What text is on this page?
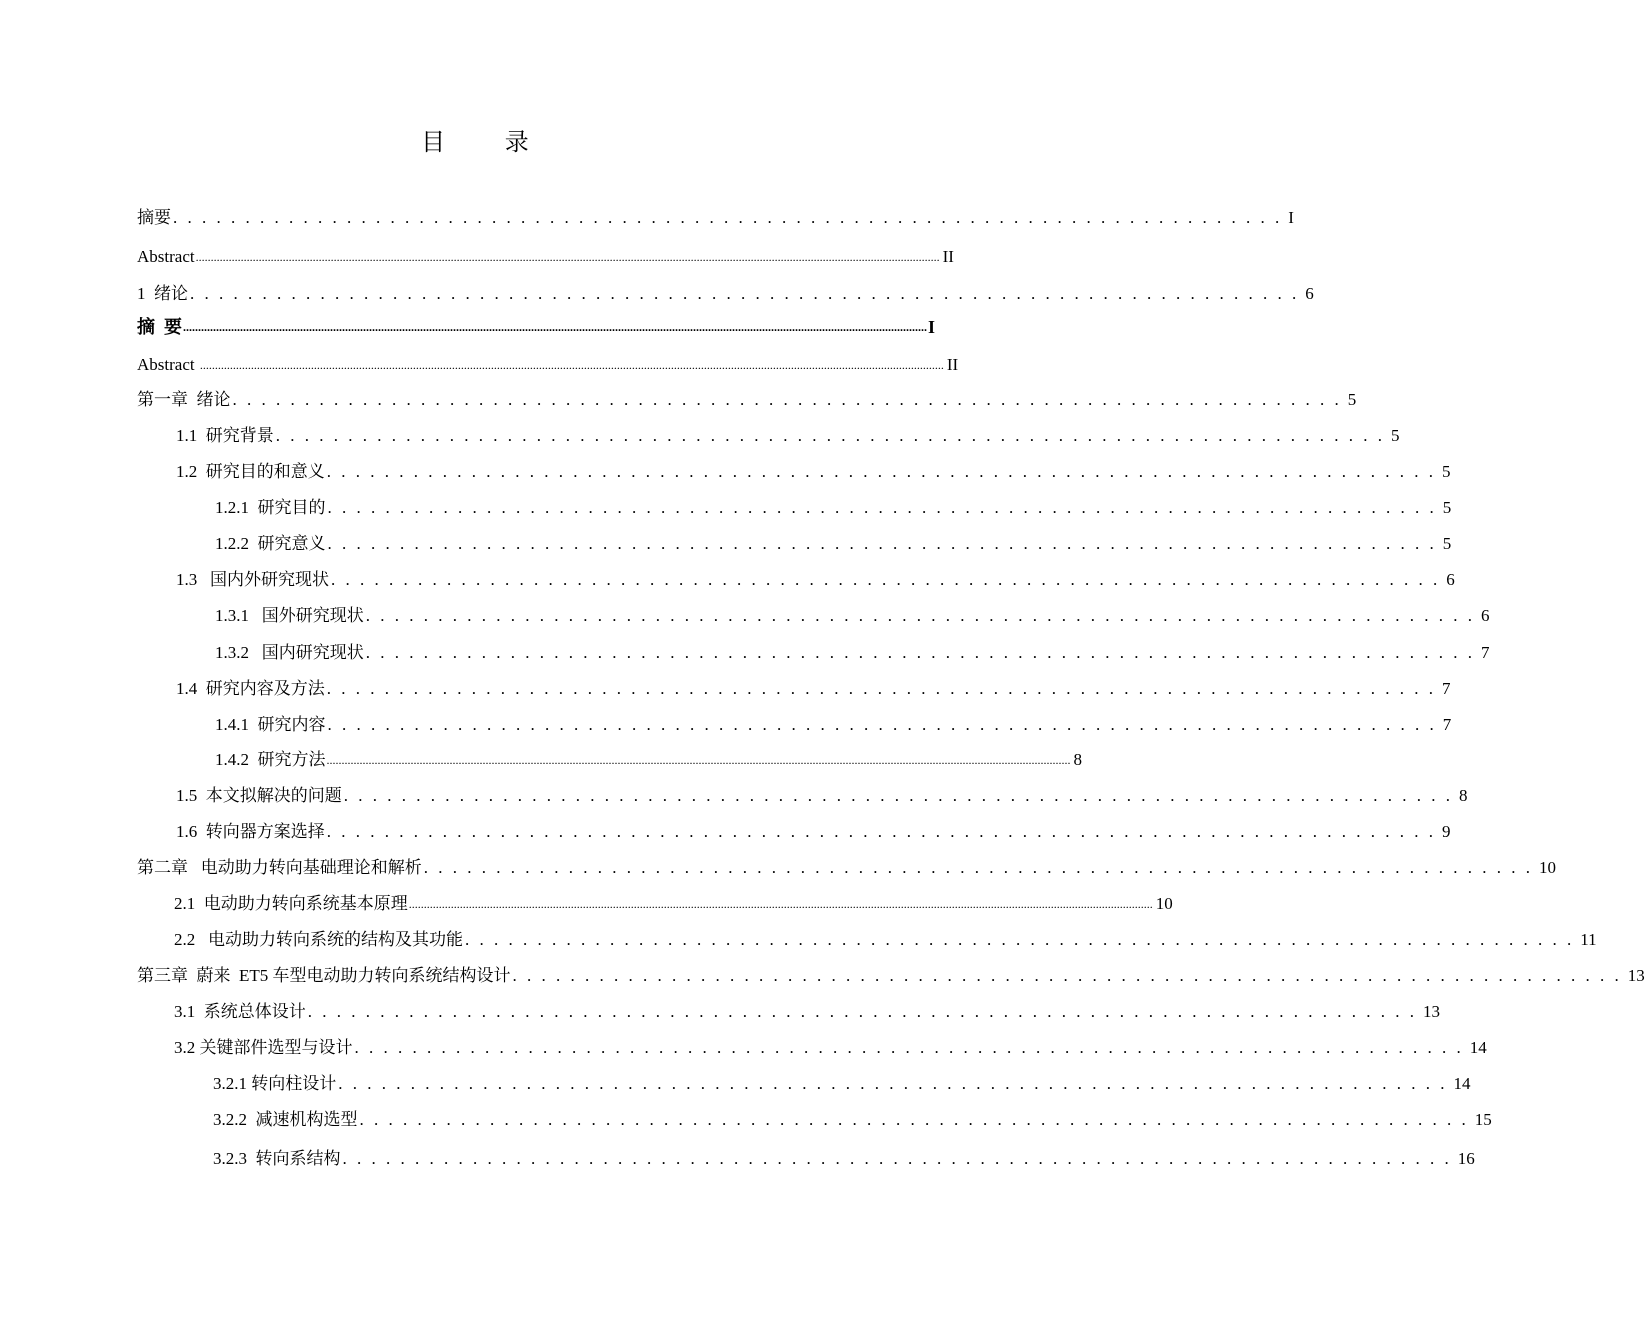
目 录
摘要 . . . . . . . . . . . . . . . . . . . . . . . . . . . . . . . . . . . . . . . . . . . . . . . . . . . . . . . . . . . . . . . . . . . . . . . . . . . . . I
Abstract ........................................................................................................................................................................................................................................................ II
1  绪论 . . . . . . . . . . . . . . . . . . . . . . . . . . . . . . . . . . . . . . . . . . . . . . . . . . . . . . . . . . . . . . . . . . . . . . . . . . . . . 6
摘  要 ........................................................................................................................................................................................................................................................ I
Abstract ........................................................................................................................................................................................................................................................ II
第一章  绪论 . . . . . . . . . . . . . . . . . . . . . . . . . . . . . . . . . . . . . . . . . . . . . . . . . . . . . . . . . . . . . . . . . . . . . . . . . . . . . 5
1.1  研究背景 . . . . . . . . . . . . . . . . . . . . . . . . . . . . . . . . . . . . . . . . . . . . . . . . . . . . . . . . . . . . . . . . . . . . . . . . . . . . . 5
1.2  研究目的和意义 . . . . . . . . . . . . . . . . . . . . . . . . . . . . . . . . . . . . . . . . . . . . . . . . . . . . . . . . . . . . . . . . . . . . . . . . . . . . . 5
1.2.1  研究目的 . . . . . . . . . . . . . . . . . . . . . . . . . . . . . . . . . . . . . . . . . . . . . . . . . . . . . . . . . . . . . . . . . . . . . . . . . . . . . 5
1.2.2  研究意义 . . . . . . . . . . . . . . . . . . . . . . . . . . . . . . . . . . . . . . . . . . . . . . . . . . . . . . . . . . . . . . . . . . . . . . . . . . . . . 5
1.3   国内外研究现状 . . . . . . . . . . . . . . . . . . . . . . . . . . . . . . . . . . . . . . . . . . . . . . . . . . . . . . . . . . . . . . . . . . . . . . . . . . . . . 6
1.3.1   国外研究现状 . . . . . . . . . . . . . . . . . . . . . . . . . . . . . . . . . . . . . . . . . . . . . . . . . . . . . . . . . . . . . . . . . . . . . . . . . . . . . 6
1.3.2   国内研究现状 . . . . . . . . . . . . . . . . . . . . . . . . . . . . . . . . . . . . . . . . . . . . . . . . . . . . . . . . . . . . . . . . . . . . . . . . . . . . . 7
1.4  研究内容及方法 . . . . . . . . . . . . . . . . . . . . . . . . . . . . . . . . . . . . . . . . . . . . . . . . . . . . . . . . . . . . . . . . . . . . . . . . . . . . . 7
1.4.1  研究内容 . . . . . . . . . . . . . . . . . . . . . . . . . . . . . . . . . . . . . . . . . . . . . . . . . . . . . . . . . . . . . . . . . . . . . . . . . . . . . 7
1.4.2  研究方法 ........................................................................................................................................................................................................................................................ 8
1.5  本文拟解决的问题 . . . . . . . . . . . . . . . . . . . . . . . . . . . . . . . . . . . . . . . . . . . . . . . . . . . . . . . . . . . . . . . . . . . . . . . . . . . . . 8
1.6  转向器方案选择 . . . . . . . . . . . . . . . . . . . . . . . . . . . . . . . . . . . . . . . . . . . . . . . . . . . . . . . . . . . . . . . . . . . . . . . . . . . . . 9
第二章   电动助力转向基础理论和解析 . . . . . . . . . . . . . . . . . . . . . . . . . . . . . . . . . . . . . . . . . . . . . . . . . . . . . . . . . . . . . . . . . . . . . . . . . . . . . 10
2.1  电动助力转向系统基本原理 ........................................................................................................................................................................................................................................................ 10
2.2   电动助力转向系统的结构及其功能 . . . . . . . . . . . . . . . . . . . . . . . . . . . . . . . . . . . . . . . . . . . . . . . . . . . . . . . . . . . . . . . . . . . . . . . . . . . . . 11
第三章  蔚来  ET5 车型电动助力转向系统结构设计 . . . . . . . . . . . . . . . . . . . . . . . . . . . . . . . . . . . . . . . . . . . . . . . . . . . . . . . . . . . . . . . . . . . . . . . . . . . . . 13
3.1  系统总体设计 . . . . . . . . . . . . . . . . . . . . . . . . . . . . . . . . . . . . . . . . . . . . . . . . . . . . . . . . . . . . . . . . . . . . . . . . . . . . . 13
3.2 关键部件选型与设计 . . . . . . . . . . . . . . . . . . . . . . . . . . . . . . . . . . . . . . . . . . . . . . . . . . . . . . . . . . . . . . . . . . . . . . . . . . . . . 14
3.2.1 转向柱设计 . . . . . . . . . . . . . . . . . . . . . . . . . . . . . . . . . . . . . . . . . . . . . . . . . . . . . . . . . . . . . . . . . . . . . . . . . . . . . 14
3.2.2  减速机构选型 . . . . . . . . . . . . . . . . . . . . . . . . . . . . . . . . . . . . . . . . . . . . . . . . . . . . . . . . . . . . . . . . . . . . . . . . . . . . . 15
3.2.3  转向系结构 . . . . . . . . . . . . . . . . . . . . . . . . . . . . . . . . . . . . . . . . . . . . . . . . . . . . . . . . . . . . . . . . . . . . . . . . . . . . . 16
